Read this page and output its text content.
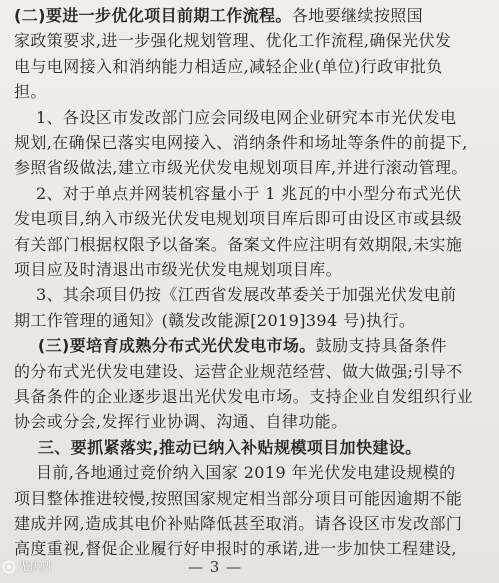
(二)要进一步优化项目前期工作流程。各地要继续按照国
家政策要求,进一步强化规划管理、优化工作流程,确保光伏发
电与电网接入和消纳能力相适应,减轻企业(单位)行政审批负
担。
1、各设区市发改部门应会同级电网企业研究本市光伏发电
规划,在确保已落实电网接入、消纳条件和场址等条件的前提下,
参照省级做法,建立市级光伏发电规划项目库,并进行滚动管理。
2、对于单点并网装机容量小于 1 兆瓦的中小型分布式光伏
发电项目,纳入市级光伏发电规划项目库后即可由设区市或县级
有关部门根据权限予以备案。备案文件应注明有效期限,未实施
项目应及时清退出市级光伏发电规划项目库。
3、其余项目仍按《江西省发展改革委关于加强光伏发电前
期工作管理的通知》(赣发改能源[2019]394 号)执行。
(三)要培育成熟分布式光伏发电市场。鼓励支持具备条件
的分布式光伏发电建设、运营企业规范经营、做大做强;引导不
具备条件的企业逐步退出光伏发电市场。支持企业自发组织行业
协会或分会,发挥行业协调、沟通、自律功能。
三、要抓紧落实,推动已纳入补贴规模项目加快建设。
目前,各地通过竞价纳入国家 2019 年光伏发电建设规模的
项目整体推进较慢,按照国家规定相当部分项目可能因逾期不能
建成并网,造成其电价补贴降低甚至取消。请各设区市发改部门
高度重视,督促企业履行好申报时的承诺,进一步加快工程建设,
— 3 —
光伏們
